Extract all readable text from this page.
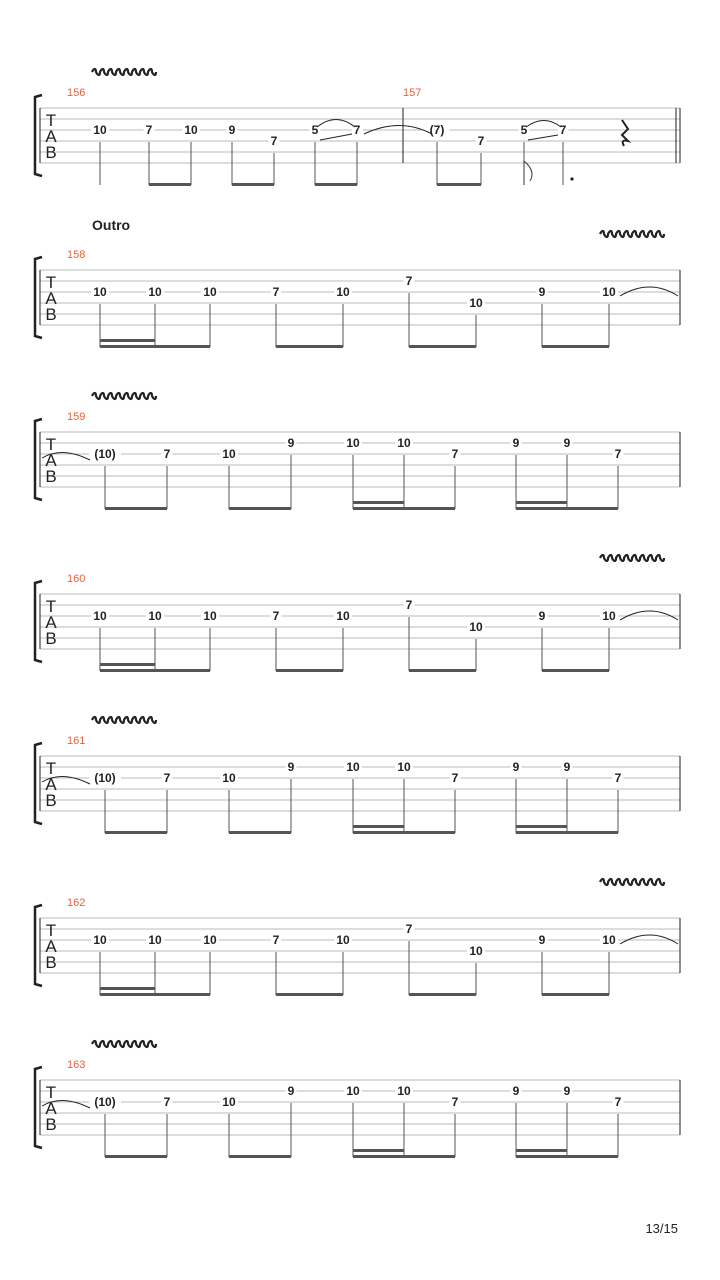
T
A
B
156	157
10	7	10	9
7
5	7	(7)
7
5	7
T
A
B
Outro
158
10	10	10	7	10
7
10
9	10
T
A
B
159
(10)	7	10
9	10	10
7
9	9
7
T
A
B
160
10	10	10	7	10
7
10
9	10
T
A
B
161
(10)	7	10
9	10	10
7
9	9
7
T
A
B
162
10	10	10	7	10
7
10
9	10
T
A
B
163
(10)	7	10
9	10	10
7
9	9
7
13/15
